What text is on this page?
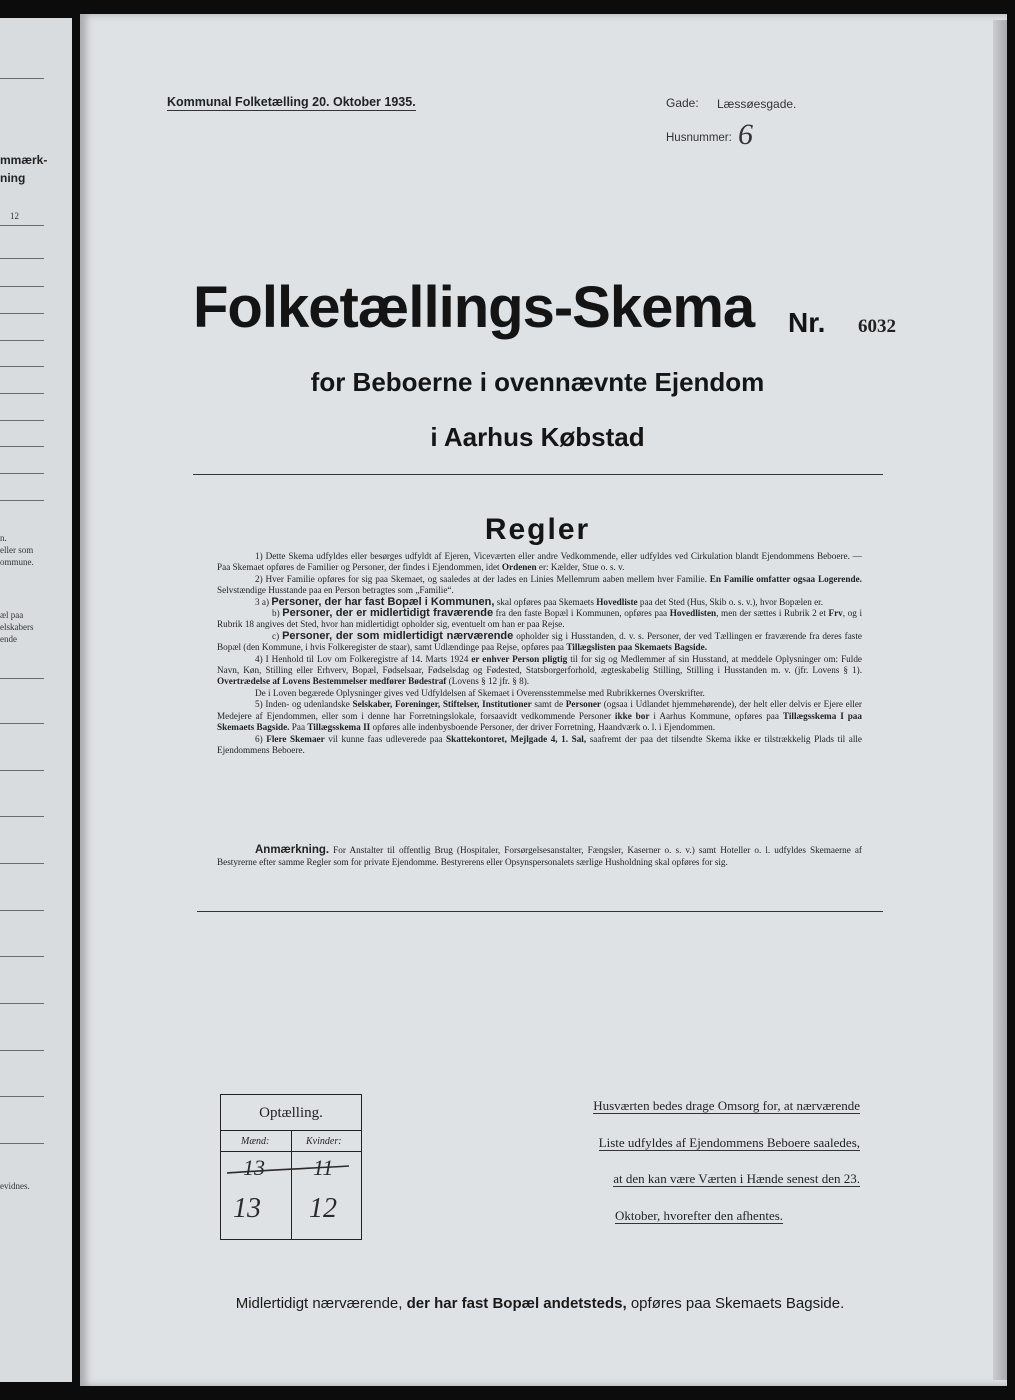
mmærk-
ning
12
n.
eller som
ommune.
æl paa
elskabers
ende
evidnes.
Kommunal Folketælling 20. Oktober 1935.	Gade: Læssøesgade.
Husnummer: 6
Folketællings-Skema Nr. 6032
for Beboerne i ovennævnte Ejendom
i Aarhus Købstad
Regler

1) Dette Skema udfyldes eller besørges udfyldt af Ejeren, Viceværten eller andre Vedkommende, eller udfyldes ved Cirkulation blandt Ejendommens Beboere. — Paa Skemaet opføres de Familier og Personer, der findes i Ejendommen, idet Ordenen er: Kælder, Stue o. s. v.

2) Hver Familie opføres for sig paa Skemaet, og saaledes at der lades en Linies Mellemrum aaben mellem hver Familie. En Familie omfatter ogsaa Logerende. Selvstændige Husstande paa en Person betragtes som „Familie“.

3 a) Personer, der har fast Bopæl i Kommunen, skal opføres paa Skemaets Hovedliste paa det Sted (Hus, Skib o. s. v.), hvor Bopælen er.

b) Personer, der er midlertidigt fraværende fra den faste Bopæl i Kommunen, opføres paa Hovedlisten, men der sættes i Rubrik 2 et Frv, og i Rubrik 18 angives det Sted, hvor han midlertidigt opholder sig, eventuelt om han er paa Rejse.

c) Personer, der som midlertidigt nærværende opholder sig i Husstanden, d. v. s. Personer, der ved Tællingen er fraværende fra deres faste Bopæl (den Kommune, i hvis Folkeregister de staar), samt Udlændinge paa Rejse, opføres paa Tillægslisten paa Skemaets Bagside.

4) I Henhold til Lov om Folkeregistre af 14. Marts 1924 er enhver Person pligtig til for sig og Medlemmer af sin Husstand, at meddele Oplysninger om: Fulde Navn, Køn, Stilling eller Erhverv, Bopæl, Fødselsaar, Fødselsdag og Fødested, Statsborgerforhold, ægteskabelig Stilling, Stilling i Husstanden m. v. (jfr. Lovens § 1). Overtrædelse af Lovens Bestemmelser medfører Bødestraf (Lovens § 12 jfr. § 8).

De i Loven begærede Oplysninger gives ved Udfyldelsen af Skemaet i Overensstemmelse med Rubrikkernes Overskrifter.

5) Inden- og udenlandske Selskaber, Foreninger, Stiftelser, Institutioner samt de Personer (ogsaa i Udlandet hjemmehørende), der helt eller delvis er Ejere eller Medejere af Ejendommen, eller som i denne har Forretningslokale, forsaavidt vedkommende Personer ikke bor i Aarhus Kommune, opføres paa Tillægsskema I paa Skemaets Bagside. Paa Tillægsskema II opføres alle indenbysboende Personer, der driver Forretning, Haandværk o. l. i Ejendommen.

6) Flere Skemaer vil kunne faas udleverede paa Skattekontoret, Mejlgade 4, 1. Sal, saafremt der paa det tilsendte Skema ikke er tilstrækkelig Plads til alle Ejendommens Beboere.

Anmærkning. For Anstalter til offentlig Brug (Hospitaler, Forsørgelsesanstalter, Fængsler, Kaserner o. s. v.) samt Hoteller o. l. udfyldes Skemaerne af Bestyrerne efter samme Regler som for private Ejendomme. Bestyrerens eller Opsynspersonalets særlige Husholdning skal opføres for sig.

Optælling.
Mænd:	Kvinder:
13 11
13 12

Husværten bedes drage Omsorg for, at nærværende

Liste udfyldes af Ejendommens Beboere saaledes,

at den kan være Værten i Hænde senest den 23.

Oktober, hvorefter den afhentes.

Midlertidigt nærværende, der har fast Bopæl andetsteds, opføres paa Skemaets Bagside.
